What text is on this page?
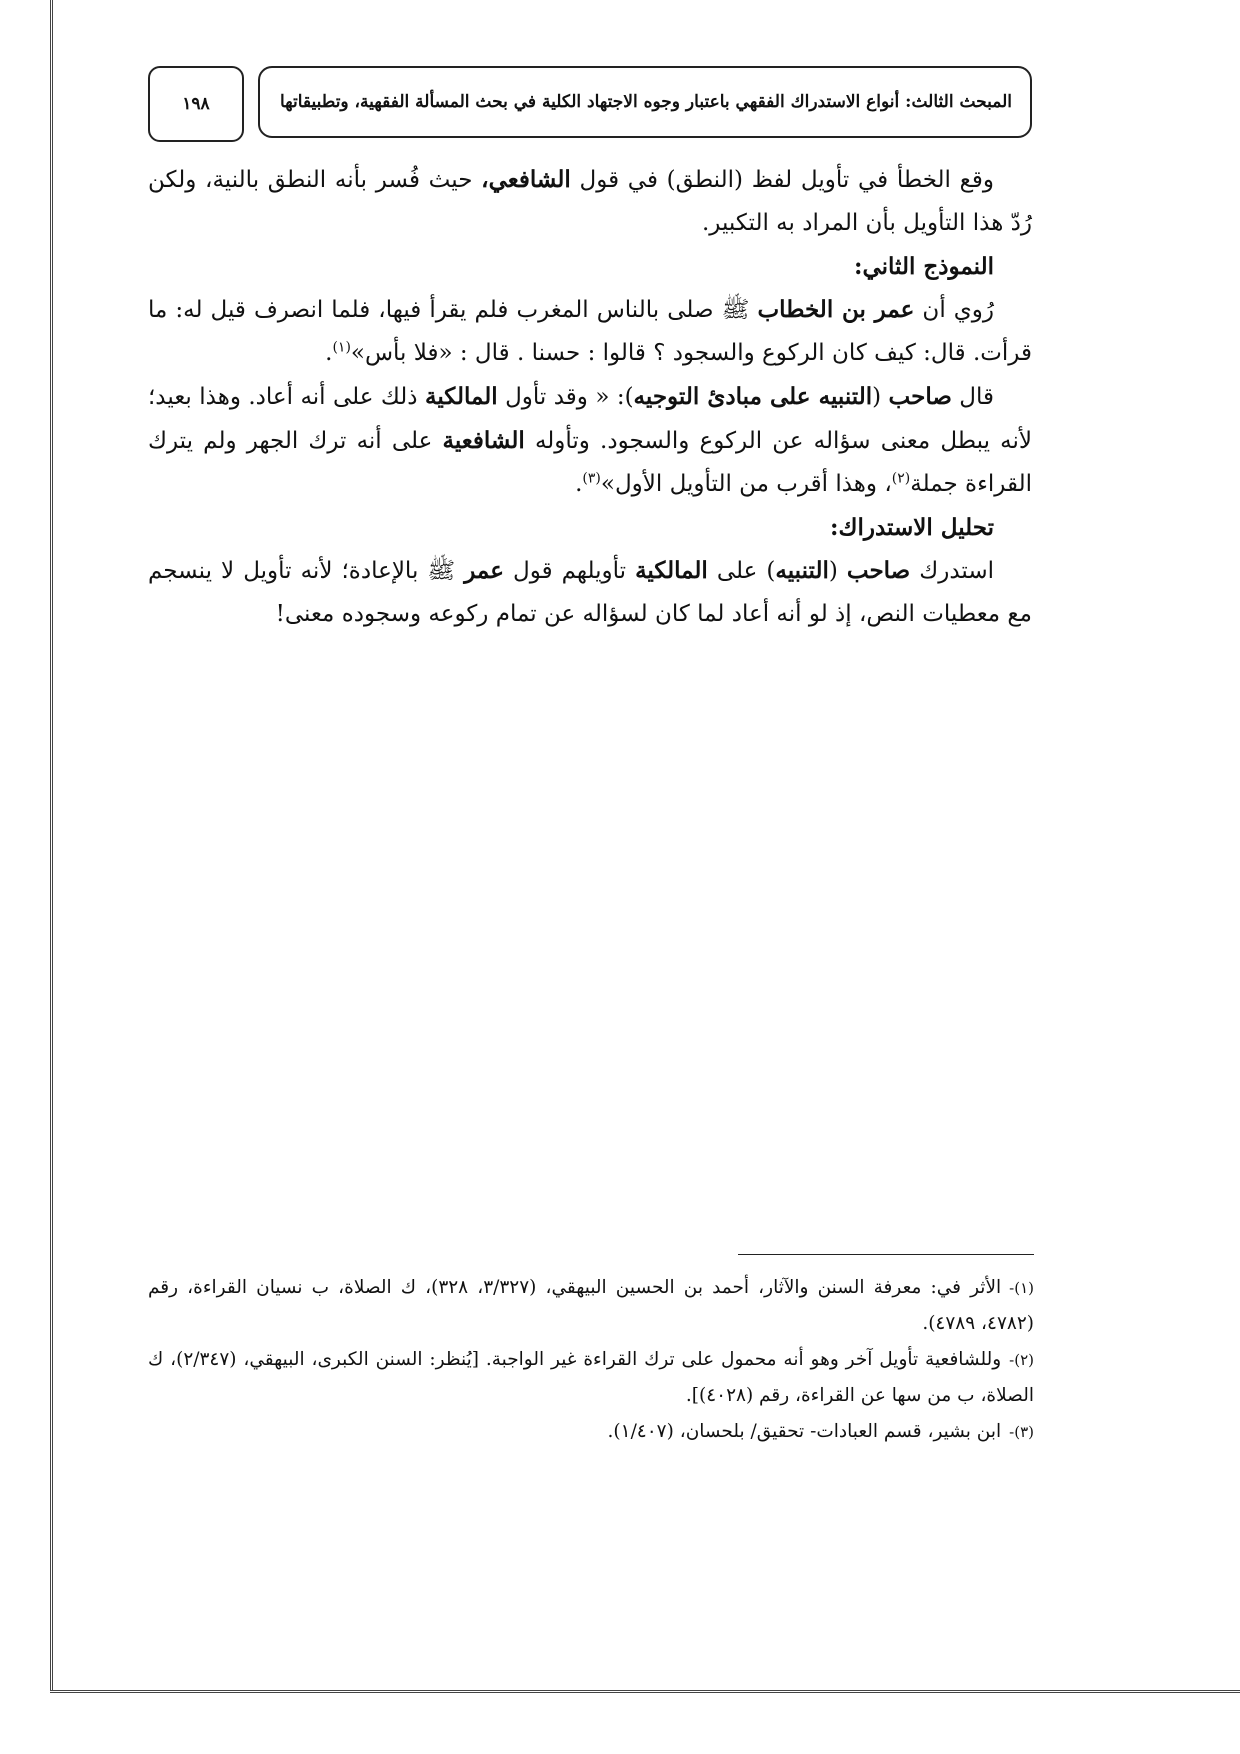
١٩٨	المبحث الثالث: أنواع الاستدراك الفقهي باعتبار وجوه الاجتهاد الكلية في بحث المسألة الفقهية، وتطبيقاتها

وقع الخطأ في تأويل لفظ (النطق) في قول الشافعي، حيث فُسر بأنه النطق بالنية، ولكن رُدّ هذا التأويل بأن المراد به التكبير.

النموذج الثاني:

رُوي أن عمر بن الخطاب ﷺ صلى بالناس المغرب فلم يقرأ فيها، فلما انصرف قيل له: ما قرأت. قال: كيف كان الركوع والسجود ؟ قالوا : حسنا . قال : «فلا بأس»$^{(١)}$.

قال صاحب (التنبيه على مبادئ التوجيه): « وقد تأول المالكية ذلك على أنه أعاد. وهذا بعيد؛ لأنه يبطل معنى سؤاله عن الركوع والسجود. وتأوله الشافعية على أنه ترك الجهر ولم يترك القراءة جملة$^{(٢)}$، وهذا أقرب من التأويل الأول»$^{(٣)}$.

تحليل الاستدراك:

استدرك صاحب (التنبيه) على المالكية تأويلهم قول عمر ﷺ بالإعادة؛ لأنه تأويل لا ينسجم مع معطيات النص، إذ لو أنه أعاد لما كان لسؤاله عن تمام ركوعه وسجوده معنى!

(١)-الأثر في: معرفة السنن والآثار، أحمد بن الحسين البيهقي، (٣/٣٢٧، ٣٢٨)، ك الصلاة، ب نسيان القراءة، رقم (٤٧٨٢، ٤٧٨٩).

(٢)-وللشافعية تأويل آخر وهو أنه محمول على ترك القراءة غير الواجبة. [يُنظر: السنن الكبرى، البيهقي، (٢/٣٤٧)، ك الصلاة، ب من سها عن القراءة، رقم (٤٠٢٨)].

(٣)-ابن بشير، قسم العبادات- تحقيق/ بلحسان، (١/٤٠٧).
